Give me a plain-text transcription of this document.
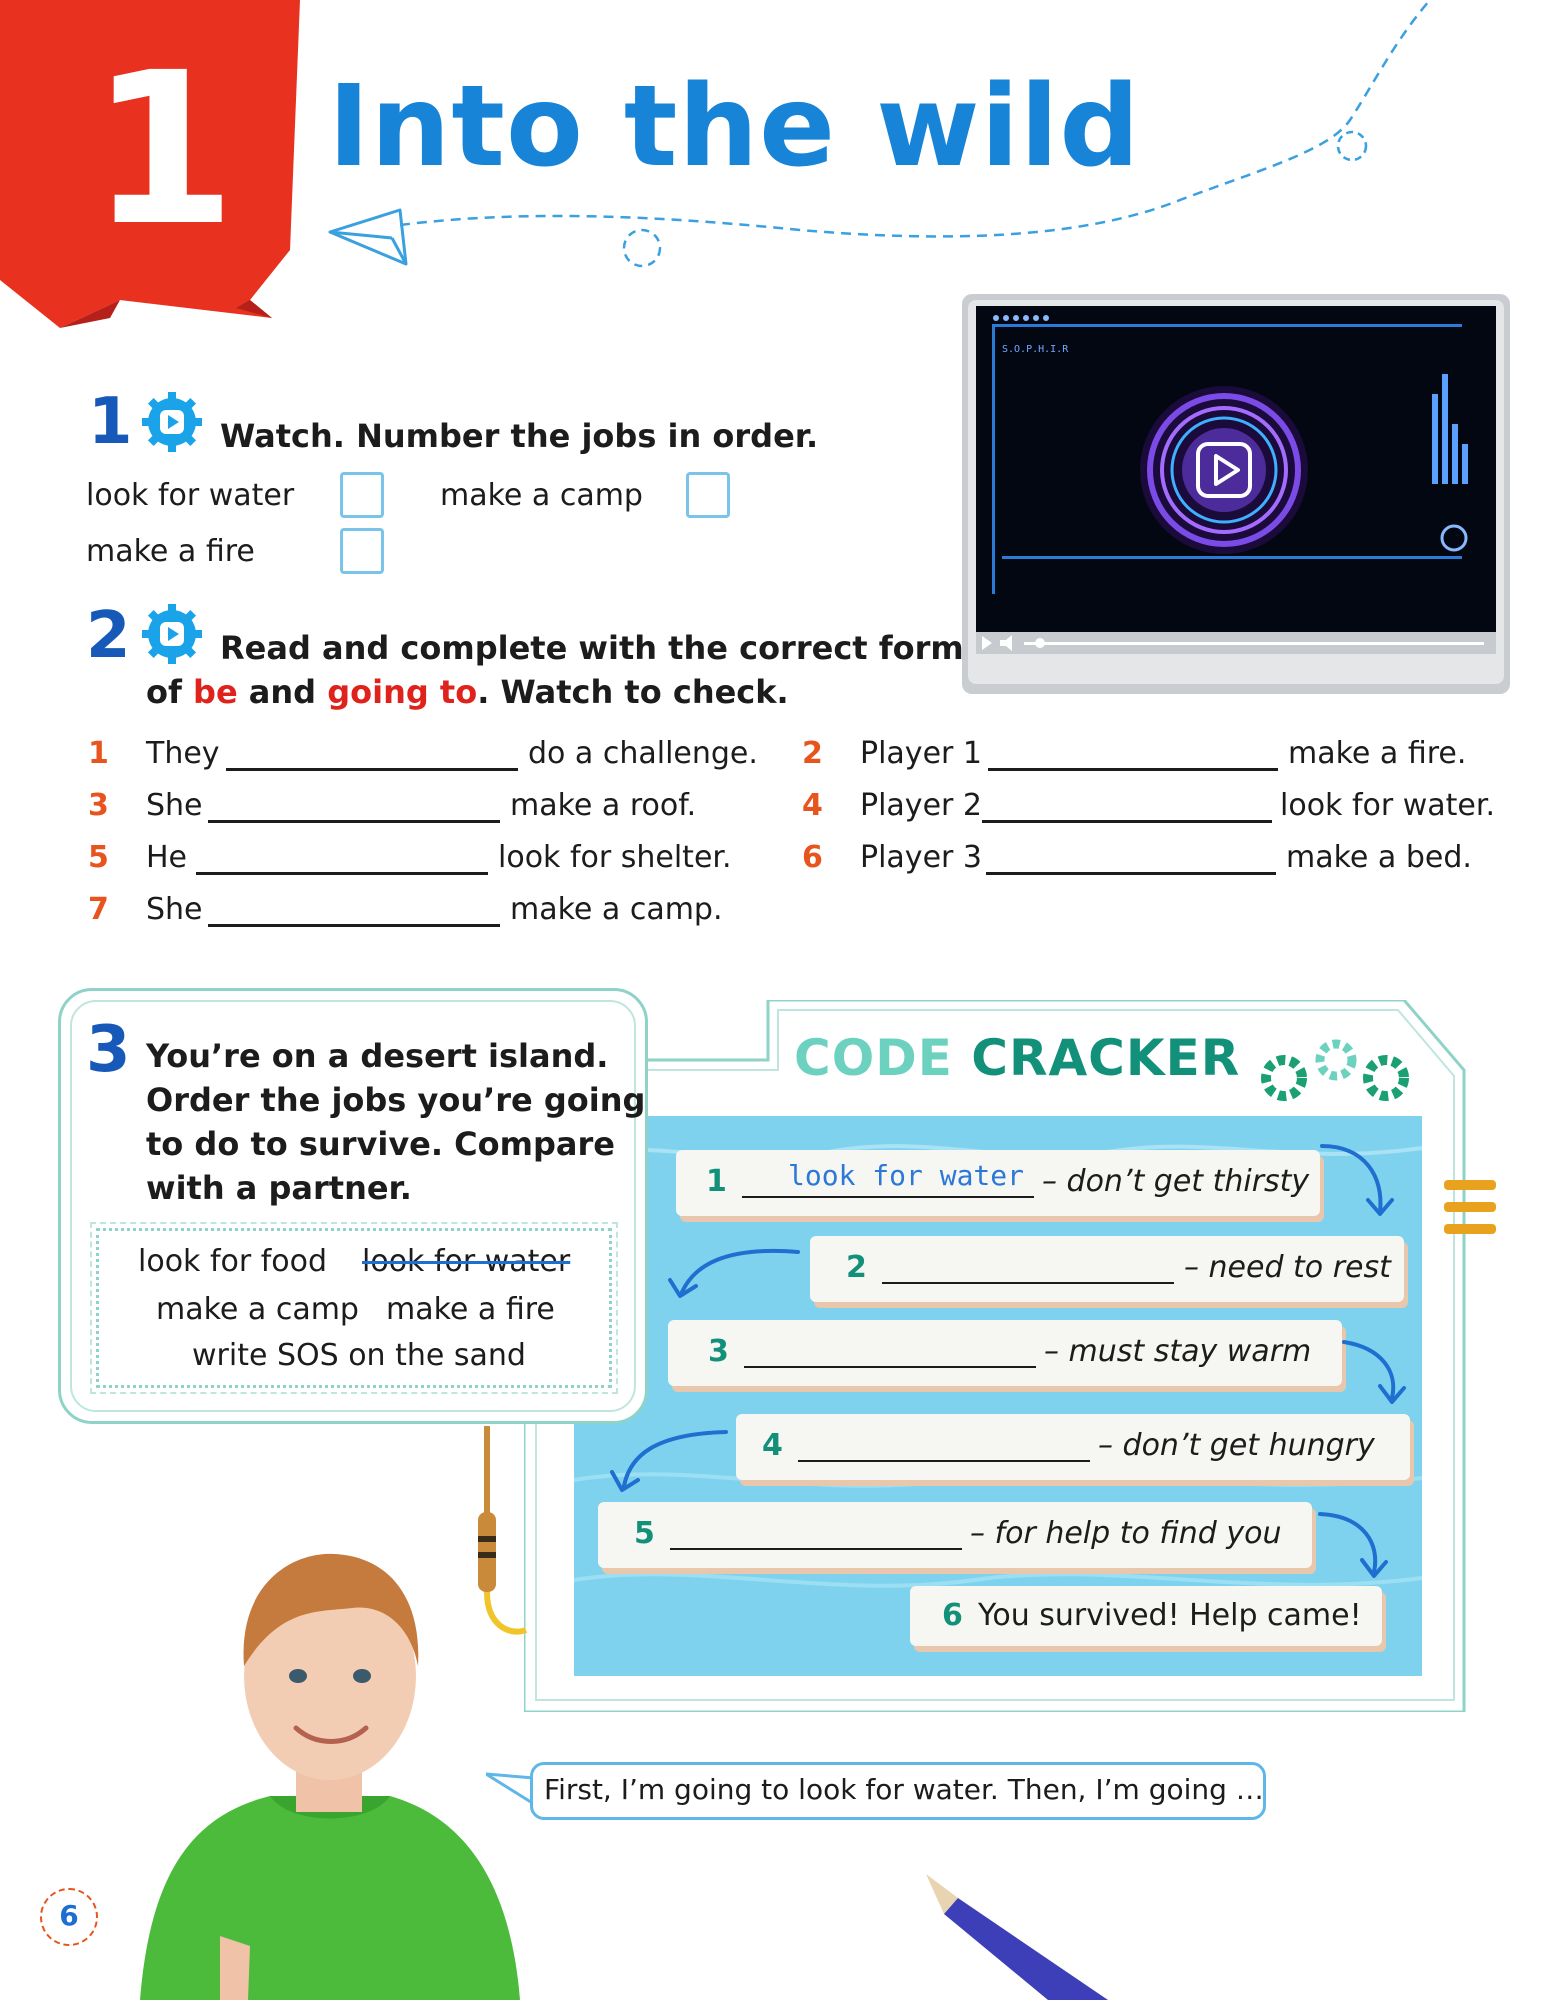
1 Into the wild
S.O.P.H.I.R
1	Watch. Number the jobs in order.
look for water	make a camp
make a fire
2	Read and complete with the correct form
of be and going to. Watch to check.
1 They	do a challenge. 2 Player 1	make a fire.
3 She	make a roof.	4 Player 2	look for water.
5 He	look for shelter. 6 Player 3	make a bed.
7 She	make a camp.
CODE CRACKER
1 look for water – don’t get thirsty
2	– need to rest
3	– must stay warm
4	– don’t get hungry
5	– for help to find you
6 You survived! Help came!
3 You’re on a desert island.
Order the jobs you’re going
to do to survive. Compare
with a partner.
look for food look for water
make a camp make a fire
write SOS on the sand
First, I’m going to look for water. Then, I’m going …
6
